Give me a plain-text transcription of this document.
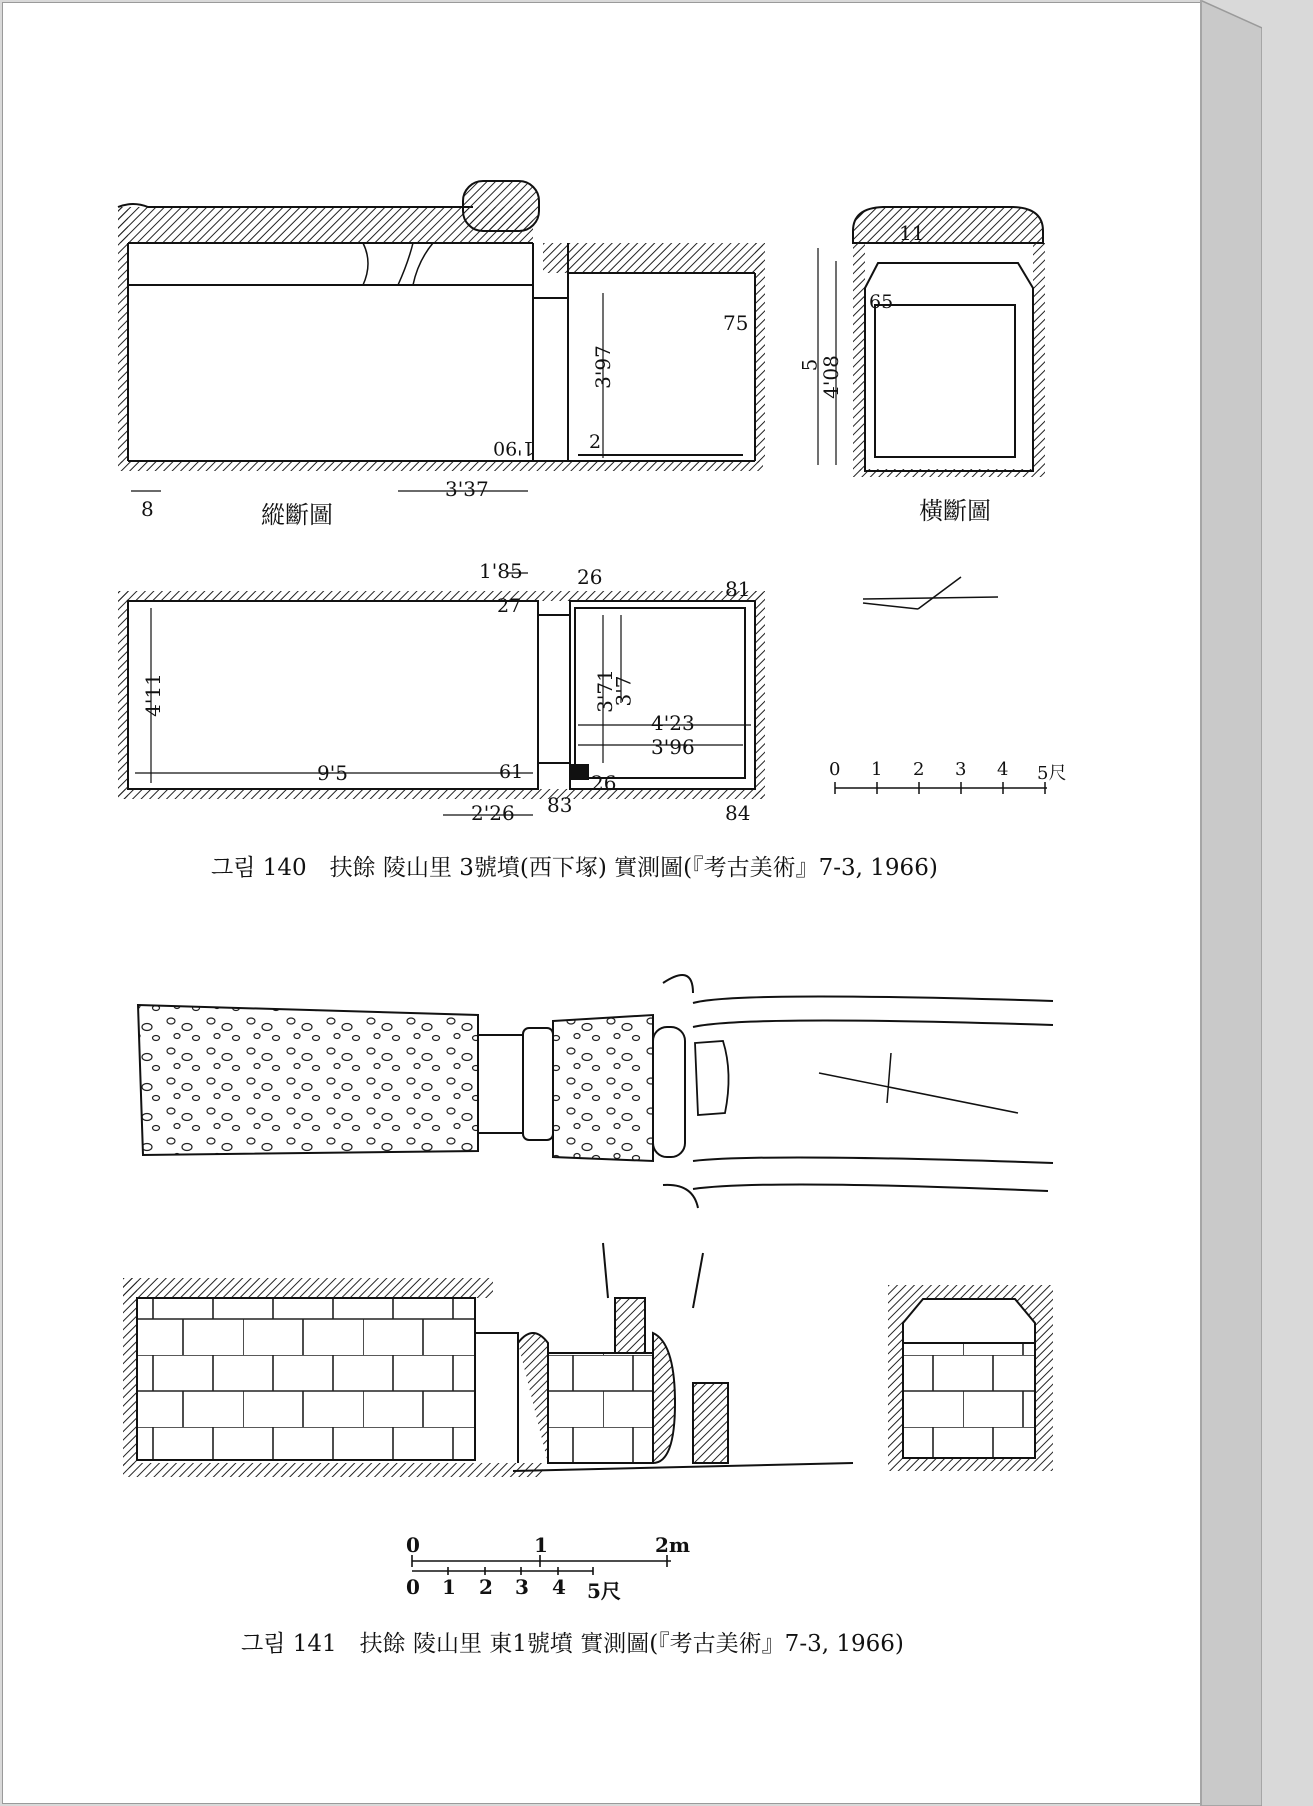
8
3'37
1'90	2
3'97
75
縱斷圖
11
65
5
4'08
橫斷圖
1'85
27
26	81
4'11
9'5	61
3'71
3'7
4'23
3'96
26
2'26 83	84
0 1 2 3 4 5尺
그림 140　扶餘 陵山里 3號墳(西下塚) 實測圖(『考古美術』7-3, 1966)
0	1	2m
0 1 2 3 4 5尺
그림 141　扶餘 陵山里 東1號墳 實測圖(『考古美術』7-3, 1966)
